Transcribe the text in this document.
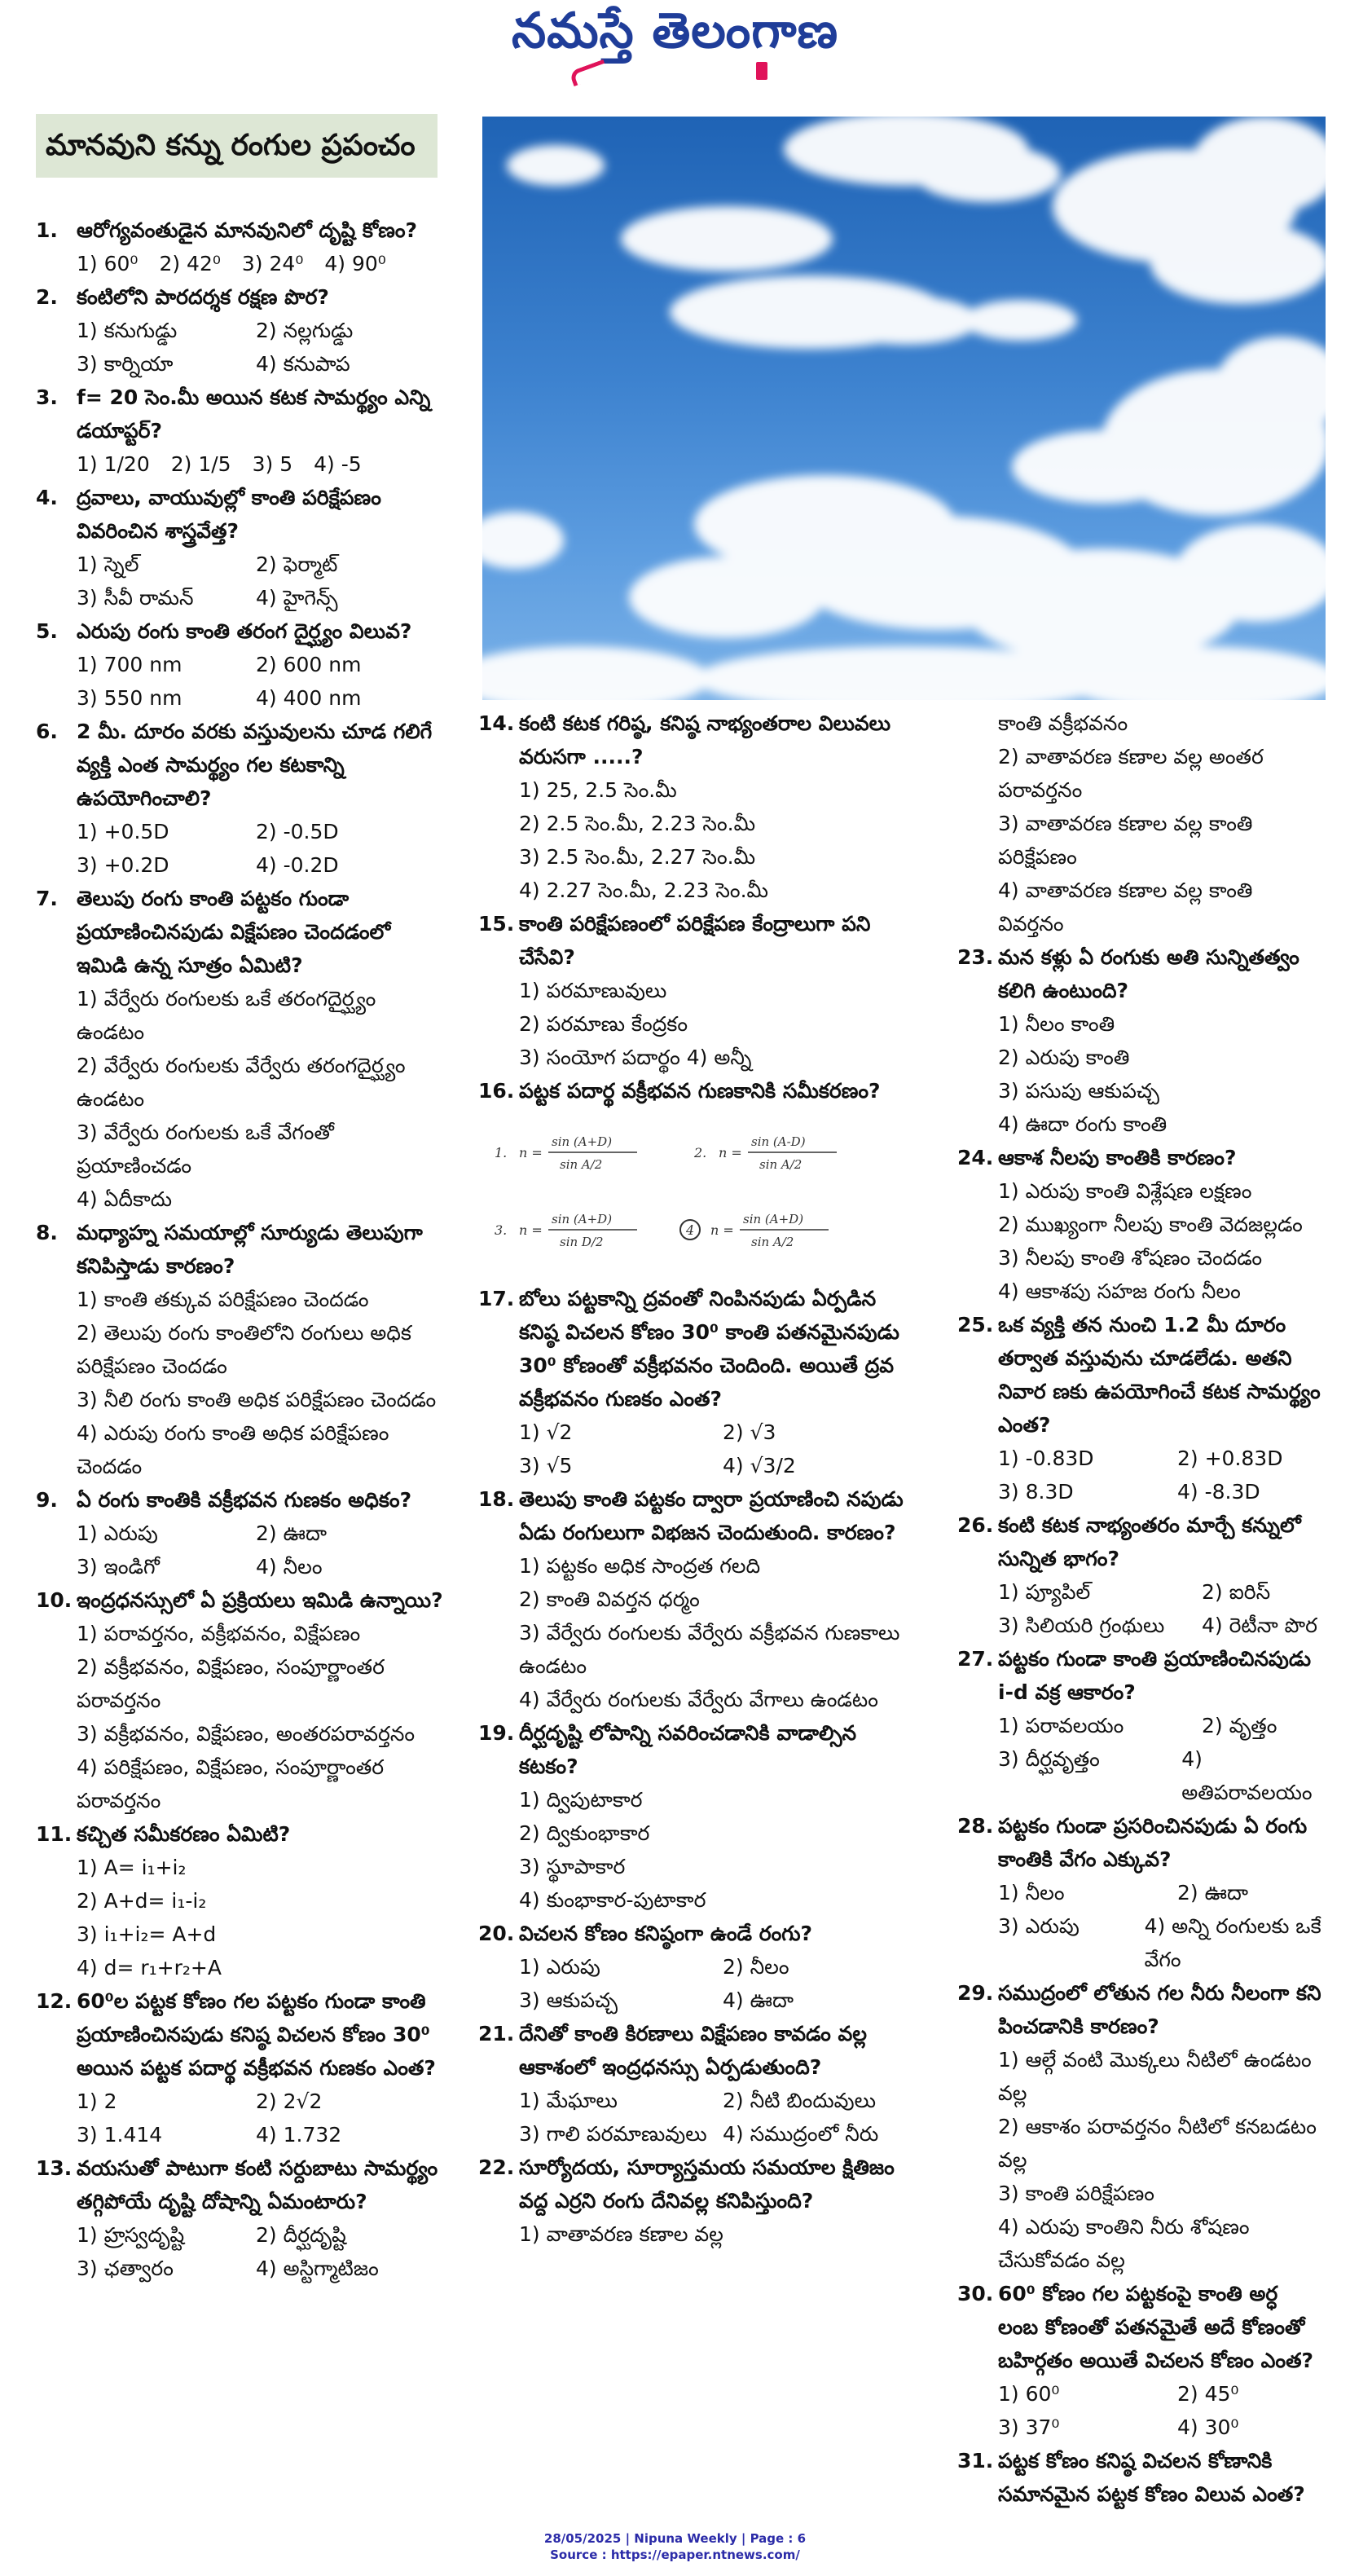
నమస్తే తెలంగాణ
మానవుని కన్ను రంగుల ప్రపంచం
1. ఆరోగ్యవంతుడైన మానవునిలో దృష్టి కోణం?
1) 60⁰ 2) 42⁰ 3) 24⁰ 4) 90⁰
2. కంటిలోని పారదర్శక రక్షణ పొర?
1) కనుగుడ్డు	2) నల్లగుడ్డు
3) కార్నియా	4) కనుపాప
3. f= 20 సెం.మీ అయిన కటక సామర్థ్యం ఎన్ని డయాప్టర్?
1) 1/20 2) 1/5 3) 5 4) -5
4. ద్రవాలు, వాయువుల్లో కాంతి పరిక్షేపణం వివరించిన శాస్త్రవేత్త?
1) స్నెల్	2) ఫెర్మాట్
3) సీవీ రామన్	4) హైగెన్స్
5. ఎరుపు రంగు కాంతి తరంగ దైర్ఘ్యం విలువ?
1) 700 nm	2) 600 nm
3) 550 nm	4) 400 nm
6. 2 మీ. దూరం వరకు వస్తువులను చూడ గలిగే వ్యక్తి ఎంత సామర్థ్యం గల కటకాన్ని ఉపయోగించాలి?
1) +0.5D	2) -0.5D
3) +0.2D	4) -0.2D
7. తెలుపు రంగు కాంతి పట్టకం గుండా ప్రయాణించినపుడు విక్షేపణం చెందడంలో ఇమిడి ఉన్న సూత్రం ఏమిటి?
1) వేర్వేరు రంగులకు ఒకే తరంగదైర్ఘ్యం ఉండటం
2) వేర్వేరు రంగులకు వేర్వేరు తరంగదైర్ఘ్యం ఉండటం
3) వేర్వేరు రంగులకు ఒకే వేగంతో ప్రయాణించడం
4) ఏదీకాదు
8. మధ్యాహ్న సమయాల్లో సూర్యుడు తెలుపుగా కనిపిస్తాడు కారణం?
1) కాంతి తక్కువ పరిక్షేపణం చెందడం
2) తెలుపు రంగు కాంతిలోని రంగులు అధిక పరిక్షేపణం చెందడం
3) నీలి రంగు కాంతి అధిక పరిక్షేపణం చెందడం
4) ఎరుపు రంగు కాంతి అధిక పరిక్షేపణం చెందడం
9. ఏ రంగు కాంతికి వక్రీభవన గుణకం అధికం?
1) ఎరుపు	2) ఊదా
3) ఇండిగో	4) నీలం
10. ఇంద్రధనస్సులో ఏ ప్రక్రియలు ఇమిడి ఉన్నాయి?
1) పరావర్తనం, వక్రీభవనం, విక్షేపణం
2) వక్రీభవనం, విక్షేపణం, సంపూర్ణాంతర పరావర్తనం
3) వక్రీభవనం, విక్షేపణం, అంతరపరావర్తనం
4) పరిక్షేపణం, విక్షేపణం, సంపూర్ణాంతర పరావర్తనం
11. కచ్చిత సమీకరణం ఏమిటి?
1) A= i₁+i₂
2) A+d= i₁-i₂
3) i₁+i₂= A+d
4) d= r₁+r₂+A
12. 60⁰ల పట్టక కోణం గల పట్టకం గుండా కాంతి ప్రయాణించినపుడు కనిష్ఠ విచలన కోణం 30⁰ అయిన పట్టక పదార్థ వక్రీభవన గుణకం ఎంత?
1) 2	2) 2√2
3) 1.414	4) 1.732
13. వయసుతో పాటుగా కంటి సర్దుబాటు సామర్థ్యం తగ్గిపోయే దృష్టి దోషాన్ని ఏమంటారు?
1) హ్రస్వదృష్టి	2) దీర్ఘదృష్టి
3) ఛత్వారం	4) అస్టిగ్మాటిజం
14. కంటి కటక గరిష్ఠ, కనిష్ఠ నాభ్యంతరాల విలువలు వరుసగా .....?
1) 25, 2.5 సెం.మీ
2) 2.5 సెం.మీ, 2.23 సెం.మీ
3) 2.5 సెం.మీ, 2.27 సెం.మీ
4) 2.27 సెం.మీ, 2.23 సెం.మీ
15. కాంతి పరిక్షేపణంలో పరిక్షేపణ కేంద్రాలుగా పని చేసేవి?
1) పరమాణువులు
2) పరమాణు కేంద్రకం
3) సంయోగ పదార్థం 4) అన్నీ
16. పట్టక పదార్థ వక్రీభవన గుణకానికి సమీకరణం?
1. n =
sin (A+D)
sin A/2
2. n =
sin (A-D)
sin A/2
3. n =
sin (A+D)
sin D/2
4 n =
sin (A+D)
sin A/2
17. బోలు పట్టకాన్ని ద్రవంతో నింపినపుడు ఏర్పడిన కనిష్ఠ విచలన కోణం 30⁰ కాంతి పతనమైనపుడు 30⁰ కోణంతో వక్రీభవనం చెందింది. అయితే ద్రవ వక్రీభవనం గుణకం ఎంత?
1) √2	2) √3
3) √5	4) √3/2
18. తెలుపు కాంతి పట్టకం ద్వారా ప్రయాణించి నపుడు ఏడు రంగులుగా విభజన చెందుతుంది. కారణం?
1) పట్టకం అధిక సాంద్రత గలది
2) కాంతి వివర్తన ధర్మం
3) వేర్వేరు రంగులకు వేర్వేరు వక్రీభవన గుణకాలు ఉండటం
4) వేర్వేరు రంగులకు వేర్వేరు వేగాలు ఉండటం
19. దీర్ఘదృష్టి లోపాన్ని సవరించడానికి వాడాల్సిన కటకం?
1) ద్విపుటాకార
2) ద్వికుంభాకార
3) స్థూపాకార
4) కుంభాకార-పుటాకార
20. విచలన కోణం కనిష్ఠంగా ఉండే రంగు?
1) ఎరుపు	2) నీలం
3) ఆకుపచ్చ	4) ఊదా
21. దేనితో కాంతి కిరణాలు విక్షేపణం కావడం వల్ల ఆకాశంలో ఇంద్రధనస్సు ఏర్పడుతుంది?
1) మేఘాలు	2) నీటి బిందువులు
3) గాలి పరమాణువులు 4) సముద్రంలో నీరు
22. సూర్యోదయ, సూర్యాస్తమయ సమయాల క్షితిజం వద్ద ఎర్రని రంగు దేనివల్ల కనిపిస్తుంది?
1) వాతావరణ కణాల వల్ల
కాంతి వక్రీభవనం
2) వాతావరణ కణాల వల్ల అంతర పరావర్తనం
3) వాతావరణ కణాల వల్ల కాంతి పరిక్షేపణం
4) వాతావరణ కణాల వల్ల కాంతి వివర్తనం
23. మన కళ్లు ఏ రంగుకు అతి సున్నితత్వం కలిగి ఉంటుంది?
1) నీలం కాంతి
2) ఎరుపు కాంతి
3) పసుపు ఆకుపచ్చ
4) ఊదా రంగు కాంతి
24. ఆకాశ నీలపు కాంతికి కారణం?
1) ఎరుపు కాంతి విశ్లేషణ లక్షణం
2) ముఖ్యంగా నీలపు కాంతి వెదజల్లడం
3) నీలపు కాంతి శోషణం చెందడం
4) ఆకాశపు సహజ రంగు నీలం
25. ఒక వ్యక్తి తన నుంచి 1.2 మీ దూరం తర్వాత వస్తువును చూడలేడు. అతని నివార ణకు ఉపయోగించే కటక సామర్థ్యం ఎంత?
1) -0.83D	2) +0.83D
3) 8.3D	4) -8.3D
26. కంటి కటక నాభ్యంతరం మార్చే కన్నులో సున్నిత భాగం?
1) ప్యూపిల్	2) ఐరిస్
3) సిలియరి గ్రంథులు	4) రెటీనా పొర
27. పట్టకం గుండా కాంతి ప్రయాణించినపుడు i-d వక్ర ఆకారం?
1) పరావలయం	2) వృత్తం
3) దీర్ఘవృత్తం	4) అతిపరావలయం
28. పట్టకం గుండా ప్రసరించినపుడు ఏ రంగు కాంతికి వేగం ఎక్కువ?
1) నీలం	2) ఊదా
3) ఎరుపు	4) అన్ని రంగులకు ఒకే వేగం
29. సముద్రంలో లోతున గల నీరు నీలంగా కని పించడానికి కారణం?
1) ఆల్గే వంటి మొక్కలు నీటిలో ఉండటం వల్ల
2) ఆకాశం పరావర్తనం నీటిలో కనబడటం వల్ల
3) కాంతి పరిక్షేపణం
4) ఎరుపు కాంతిని నీరు శోషణం చేసుకోవడం వల్ల
30. 60⁰ కోణం గల పట్టకంపై కాంతి అర్ధ లంబ కోణంతో పతనమైతే అదే కోణంతో బహిర్గతం అయితే విచలన కోణం ఎంత?
1) 60⁰	2) 45⁰
3) 37⁰	4) 30⁰
31. పట్టక కోణం కనిష్ఠ విచలన కోణానికి సమానమైన పట్టక కోణం విలువ ఎంత?
28/05/2025 | Nipuna Weekly | Page : 6
Source : https://epaper.ntnews.com/
